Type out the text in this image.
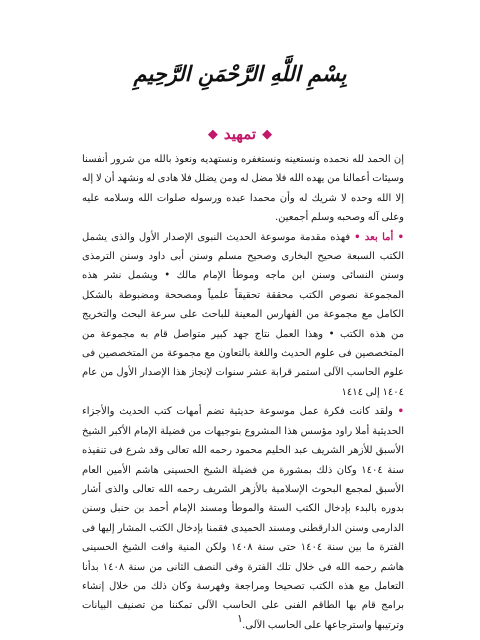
بِسْمِ اللَّهِ الرَّحْمَنِ الرَّحِيمِ
◆تمهيد◆

إن الحمد لله نحمده ونستعينه ونستغفره ونستهديه ونعوذ بالله من شرور أنفسنا وسيئات أعمالنا من يهده الله فلا مضل له ومن يضلل فلا هادى له ونشهد أن لا إله إلا الله وحده لا شريك له وأن محمدا عبده ورسوله صلوات الله وسلامه عليه وعلى آله وصحبه وسلم أجمعين.

• أما بعد • فهذه مقدمة موسوعة الحديث النبوى الإصدار الأول والذى يشمل الكتب السبعة صحيح البخارى وصحيح مسلم وسنن أبى داود وسنن الترمذى وسنن النسائى وسنن ابن ماجه وموطأ الإمام مالك • ويشمل نشر هذه المجموعة نصوص الكتب محققة تحقيقاً علمياً ومصححة ومضبوطة بالشكل الكامل مع مجموعة من الفهارس المعينة للباحث على سرعة البحث والتخريج من هذه الكتب • وهذا العمل نتاج جهد كبير متواصل قام به مجموعة من المتخصصين فى علوم الحديث واللغة بالتعاون مع مجموعة من المتخصصين فى علوم الحاسب الآلى استمر قرابة عشر سنوات لإنجاز هذا الإصدار الأول من عام ١٤٠٤ إلى ١٤١٤

• ولقد كانت فكرة عمل موسوعة حديثية تضم أمهات كتب الحديث والأجزاء الحديثية أملا راود مؤسس هذا المشروع بتوجيهات من فضيلة الإمام الأكبر الشيخ الأسبق للأزهر الشريف عبد الحليم محمود رحمه الله تعالى وقد شرع فى تنفيذه سنة ١٤٠٤ وكان ذلك بمشورة من فضيلة الشيخ الحسينى هاشم الأمين العام الأسبق لمجمع البحوث الإسلامية بالأزهر الشريف رحمه الله تعالى والذى أشار بدوره بالبدء بإدخال الكتب الستة والموطأ ومسند الإمام أحمد بن حنبل وسنن الدارمى وسنن الدارقطنى ومسند الحميدى فقمنا بإدخال الكتب المشار إليها فى الفترة ما بين سنة ١٤٠٤ حتى سنة ١٤٠٨ ولكن المنية وافت الشيخ الحسينى هاشم رحمه الله فى خلال تلك الفترة وفى النصف الثانى من سنة ١٤٠٨ بدأنا التعامل مع هذه الكتب تصحيحا ومراجعة وفهرسة وكان ذلك من خلال إنشاء برامج قام بها الطاقم الفنى على الحاسب الآلى تمكننا من تصنيف البيانات وترتيبها واسترجاعها على الحاسب الآلى.

١
